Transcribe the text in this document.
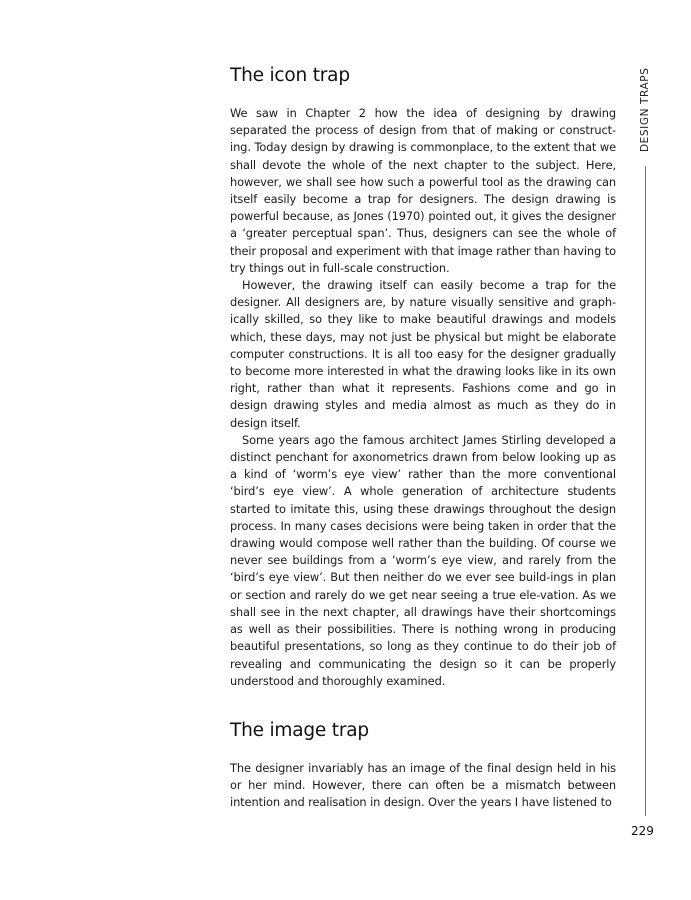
DESIGN TRAPS
The icon trap

We saw in Chapter 2 how the idea of designing by drawing separated the process of design from that of making or construct-ing. Today design by drawing is commonplace, to the extent that we shall devote the whole of the next chapter to the subject. Here, however, we shall see how such a powerful tool as the drawing can itself easily become a trap for designers. The design drawing is powerful because, as Jones (1970) pointed out, it gives the designer a ‘greater perceptual span’. Thus, designers can see the whole of their proposal and experiment with that image rather than having to try things out in full-scale construction.

However, the drawing itself can easily become a trap for the designer. All designers are, by nature visually sensitive and graph-ically skilled, so they like to make beautiful drawings and models which, these days, may not just be physical but might be elaborate computer constructions. It is all too easy for the designer gradually to become more interested in what the drawing looks like in its own right, rather than what it represents. Fashions come and go in design drawing styles and media almost as much as they do in design itself.

Some years ago the famous architect James Stirling developed a distinct penchant for axonometrics drawn from below looking up as a kind of ‘worm’s eye view’ rather than the more conventional ‘bird’s eye view’. A whole generation of architecture students started to imitate this, using these drawings throughout the design process. In many cases decisions were being taken in order that the drawing would compose well rather than the building. Of course we never see buildings from a ‘worm’s eye view, and rarely from the ‘bird’s eye view’. But then neither do we ever see build-ings in plan or section and rarely do we get near seeing a true ele-vation. As we shall see in the next chapter, all drawings have their shortcomings as well as their possibilities. There is nothing wrong in producing beautiful presentations, so long as they continue to do their job of revealing and communicating the design so it can be properly understood and thoroughly examined.

The image trap

The designer invariably has an image of the final design held in his or her mind. However, there can often be a mismatch between intention and realisation in design. Over the years I have listened to

229
